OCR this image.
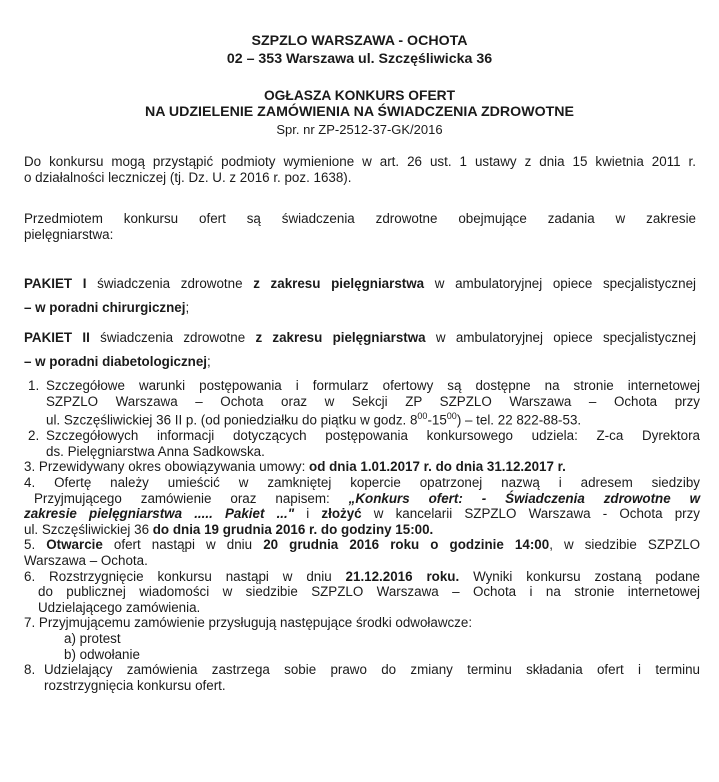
SZPZLO WARSZAWA - OCHOTA
02 – 353 Warszawa ul. Szczęśliwicka 36
OGŁASZA KONKURS OFERT
NA UDZIELENIE ZAMÓWIENIA NA ŚWIADCZENIA ZDROWOTNE
Spr. nr ZP-2512-37-GK/2016
Do konkursu mogą przystąpić podmioty wymienione w art. 26 ust. 1 ustawy z dnia 15 kwietnia 2011 r.
o działalności leczniczej (tj. Dz. U. z 2016 r. poz. 1638).
Przedmiotem konkursu ofert są świadczenia zdrowotne obejmujące zadania w zakresie
pielęgniarstwa:
PAKIET I świadczenia zdrowotne z zakresu pielęgniarstwa w ambulatoryjnej opiece specjalistycznej
– w poradni chirurgicznej;
PAKIET II świadczenia zdrowotne z zakresu pielęgniarstwa w ambulatoryjnej opiece specjalistycznej
– w poradni diabetologicznej;
1. Szczegółowe warunki postępowania i formularz ofertowy są dostępne na stronie internetowej
SZPZLO Warszawa – Ochota oraz w Sekcji ZP SZPZLO Warszawa – Ochota przy
ul. Szczęśliwickiej 36 II p. (od poniedziałku do piątku w godz. $8^{00}-15^{00}$) – tel. 22 822-88-53.
2. Szczegółowych informacji dotyczących postępowania konkursowego udziela: Z-ca Dyrektora
ds. Pielęgniarstwa Anna Sadkowska.
3. Przewidywany okres obowiązywania umowy: od dnia 1.01.2017 r. do dnia 31.12.2017 r.
4. Ofertę należy umieścić w zamkniętej kopercie opatrzonej nazwą i adresem siedziby
Przyjmującego zamówienie oraz napisem: „Konkurs ofert: - Świadczenia zdrowotne w
zakresie pielęgniarstwa ..... Pakiet ..." i złożyć w kancelarii SZPZLO Warszawa - Ochota przy
ul. Szczęśliwickiej 36 do dnia 19 grudnia 2016 r. do godziny 15:00.
5. Otwarcie ofert nastąpi w dniu 20 grudnia 2016 roku o godzinie 14:00, w siedzibie SZPZLO
Warszawa – Ochota.
6. Rozstrzygnięcie konkursu nastąpi w dniu 21.12.2016 roku. Wyniki konkursu zostaną podane
do publicznej wiadomości w siedzibie SZPZLO Warszawa – Ochota i na stronie internetowej
Udzielającego zamówienia.
7. Przyjmującemu zamówienie przysługują następujące środki odwoławcze:
a) protest
b) odwołanie
8. Udzielający zamówienia zastrzega sobie prawo do zmiany terminu składania ofert i terminu
rozstrzygnięcia konkursu ofert.
